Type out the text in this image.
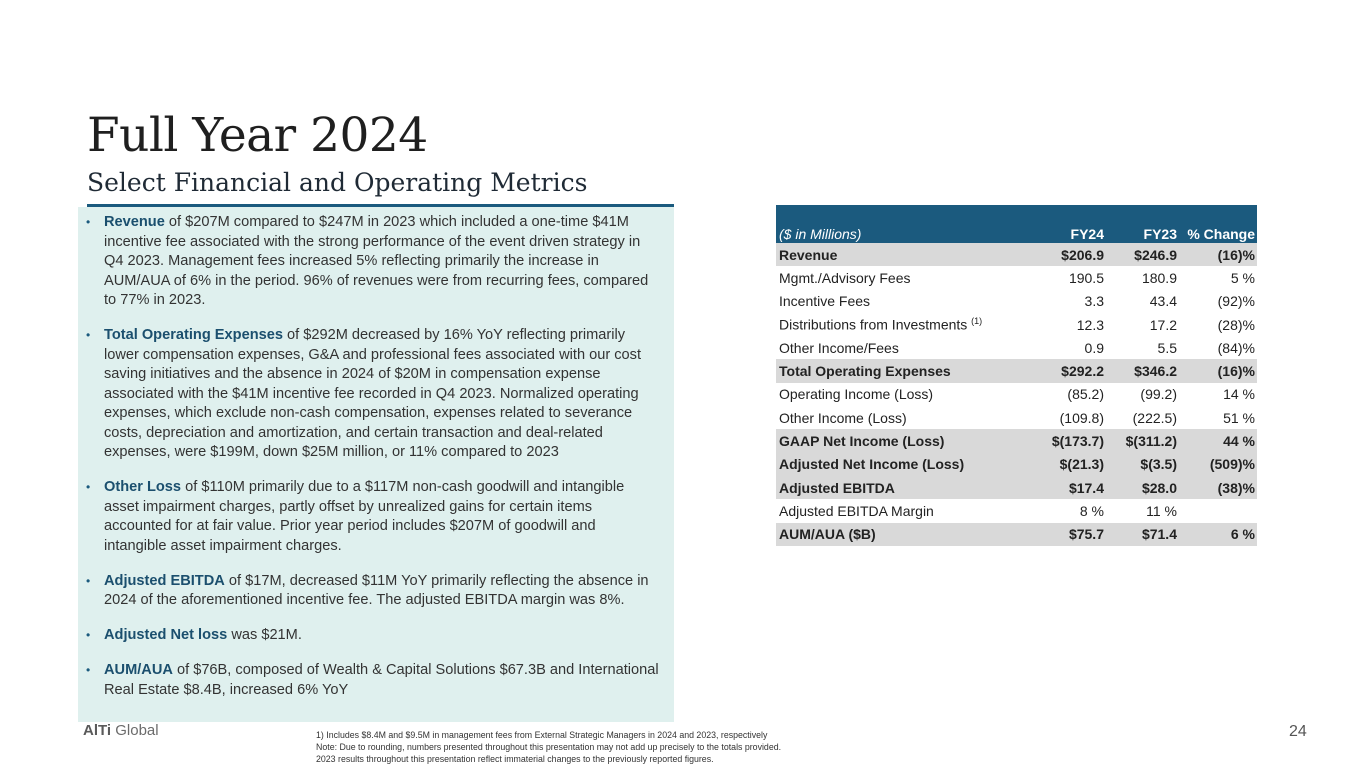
Full Year 2024
Select Financial and Operating Metrics
• Revenue of $207M compared to $247M in 2023 which included a one-time $41M incentive fee associated with the strong performance of the event driven strategy in Q4 2023. Management fees increased 5% reflecting primarily the increase in AUM/AUA of 6% in the period. 96% of revenues were from recurring fees, compared to 77% in 2023.
• Total Operating Expenses of $292M decreased by 16% YoY reflecting primarily lower compensation expenses, G&A and professional fees associated with our cost saving initiatives and the absence in 2024 of $20M in compensation expense associated with the $41M incentive fee recorded in Q4 2023. Normalized operating expenses, which exclude non-cash compensation, expenses related to severance costs, depreciation and amortization, and certain transaction and deal-related expenses, were $199M, down $25M million, or 11% compared to 2023
• Other Loss of $110M primarily due to a $117M non-cash goodwill and intangible asset impairment charges, partly offset by unrealized gains for certain items accounted for at fair value. Prior year period includes $207M of goodwill and intangible asset impairment charges.
• Adjusted EBITDA of $17M, decreased $11M YoY primarily reflecting the absence in 2024 of the aforementioned incentive fee. The adjusted EBITDA margin was 8%.
• Adjusted Net loss was $21M.
• AUM/AUA of $76B, composed of Wealth & Capital Solutions $67.3B and International Real Estate $8.4B, increased 6% YoY
($ in Millions)	FY24	FY23	% Change
Revenue	$206.9	$246.9	(16)%
Mgmt./Advisory Fees	190.5	180.9	5 %
Incentive Fees	3.3	43.4	(92)%
Distributions from Investments $^{(1)}$	12.3	17.2	(28)%
Other Income/Fees	0.9	5.5	(84)%
Total Operating Expenses	$292.2	$346.2	(16)%
Operating Income (Loss)	(85.2)	(99.2)	14 %
Other Income (Loss)	(109.8)	(222.5)	51 %
GAAP Net Income (Loss)	$(173.7)	$(311.2)	44 %
Adjusted Net Income (Loss)	$(21.3)	$(3.5)	(509)%
Adjusted EBITDA	$17.4	$28.0	(38)%
Adjusted EBITDA Margin	8 %	11 %	
AUM/AUA ($B)	$75.7	$71.4	6 %
AlTi Global	1) Includes $8.4M and $9.5M in management fees from External Strategic Managers in 2024 and 2023, respectively
Note: Due to rounding, numbers presented throughout this presentation may not add up precisely to the totals provided.
2023 results throughout this presentation reflect immaterial changes to the previously reported figures.
24
